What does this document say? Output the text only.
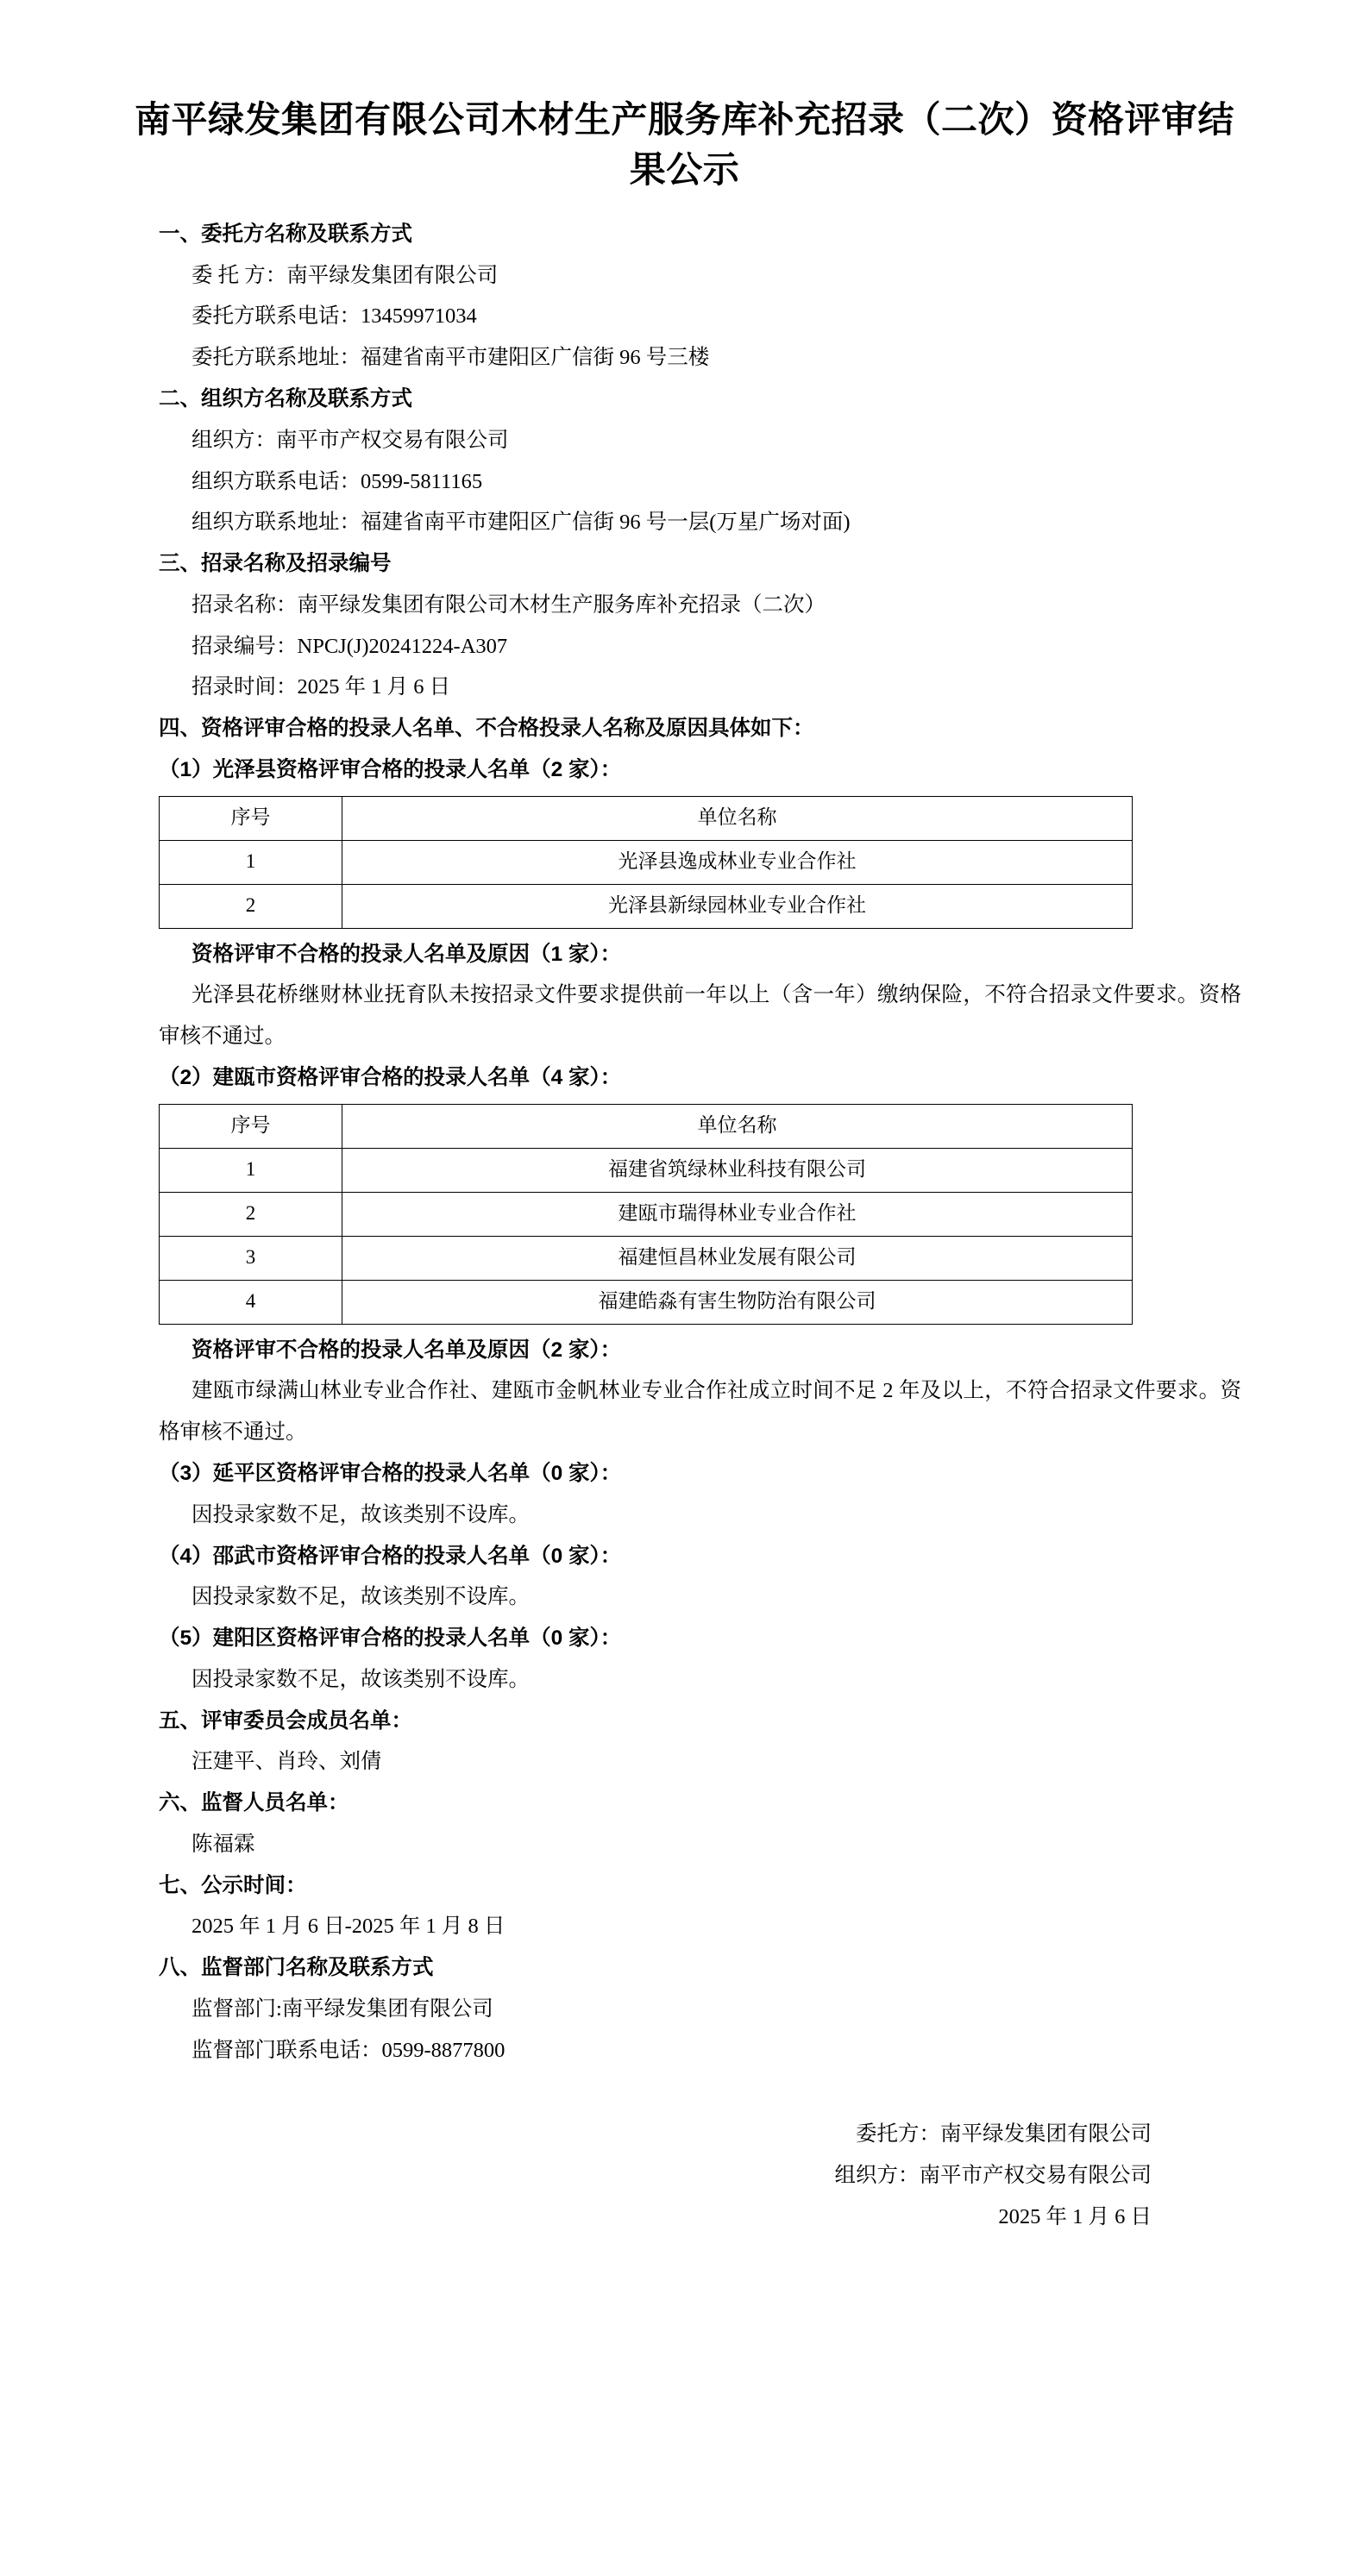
南平绿发集团有限公司木材生产服务库补充招录（二次）资格评审结果公示
一、委托方名称及联系方式
委 托 方：南平绿发集团有限公司
委托方联系电话：13459971034
委托方联系地址：福建省南平市建阳区广信街 96 号三楼
二、组织方名称及联系方式
组织方：南平市产权交易有限公司
组织方联系电话：0599-5811165
组织方联系地址：福建省南平市建阳区广信街 96 号一层(万星广场对面)
三、招录名称及招录编号
招录名称：南平绿发集团有限公司木材生产服务库补充招录（二次）
招录编号：NPCJ(J)20241224-A307
招录时间：2025 年 1 月 6 日
四、资格评审合格的投录人名单、不合格投录人名称及原因具体如下：
（1）光泽县资格评审合格的投录人名单（2 家）：
序号	单位名称
1	光泽县逸成林业专业合作社
2	光泽县新绿园林业专业合作社
资格评审不合格的投录人名单及原因（1 家）：
光泽县花桥继财林业抚育队未按招录文件要求提供前一年以上（含一年）缴纳保险，不符合招录文件要求。资格审核不通过。
（2）建瓯市资格评审合格的投录人名单（4 家）：
序号	单位名称
1	福建省筑绿林业科技有限公司
2	建瓯市瑞得林业专业合作社
3	福建恒昌林业发展有限公司
4	福建皓淼有害生物防治有限公司
资格评审不合格的投录人名单及原因（2 家）：
建瓯市绿满山林业专业合作社、建瓯市金帆林业专业合作社成立时间不足 2 年及以上，不符合招录文件要求。资格审核不通过。
（3）延平区资格评审合格的投录人名单（0 家）：
因投录家数不足，故该类别不设库。
（4）邵武市资格评审合格的投录人名单（0 家）：
因投录家数不足，故该类别不设库。
（5）建阳区资格评审合格的投录人名单（0 家）：
因投录家数不足，故该类别不设库。
五、评审委员会成员名单：
汪建平、肖玲、刘倩
六、监督人员名单：
陈福霖
七、公示时间：
2025 年 1 月 6 日-2025 年 1 月 8 日
八、监督部门名称及联系方式
监督部门:南平绿发集团有限公司
监督部门联系电话：0599-8877800
委托方：南平绿发集团有限公司
组织方：南平市产权交易有限公司
2025 年 1 月 6 日
